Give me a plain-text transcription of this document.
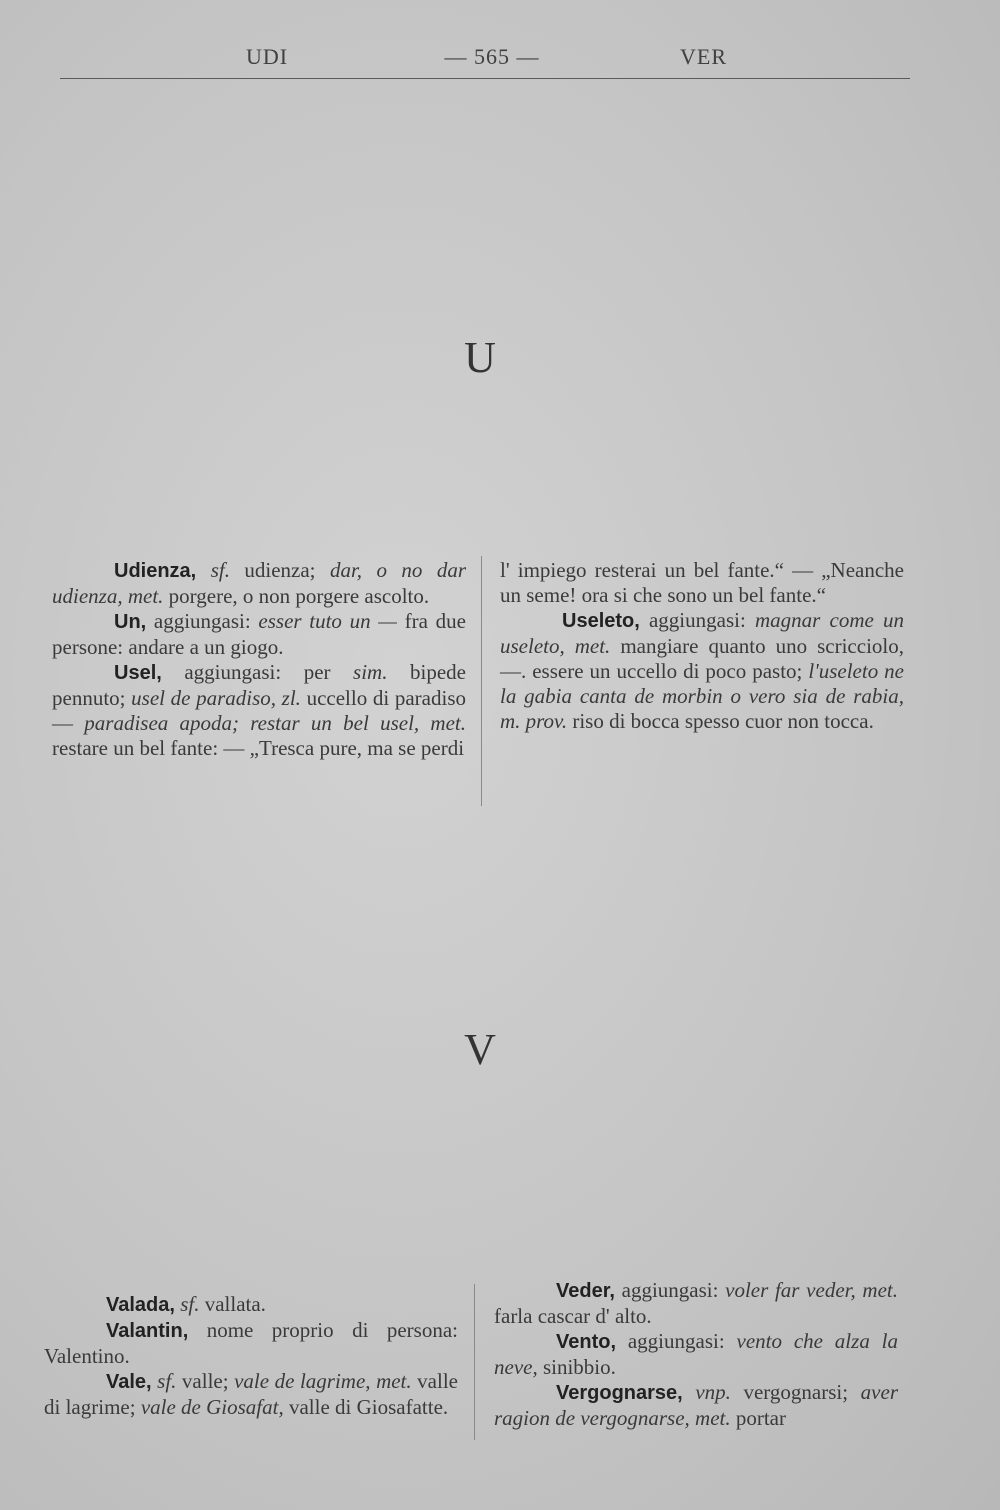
UDI	— 565 —	VER
U

Udienza, sf. udienza; dar, o no dar udienza, met. porgere, o non porgere ascolto.

Un, aggiungasi: esser tuto un — fra due persone: andare a un giogo.

Usel, aggiungasi: per sim. bipede pennuto; usel de paradiso, zl. uccello di paradiso — paradisea apoda; restar un bel usel, met. restare un bel fante: — „Tresca pure, ma se perdi

l' impiego resterai un bel fante.“ — „Neanche un seme! ora si che sono un bel fante.“

Useleto, aggiungasi: magnar come un useleto, met. mangiare quanto uno scricciolo, —. essere un uccello di poco pasto; l'useleto ne la gabia canta de morbin o vero sia de rabia, m. prov. riso di bocca spesso cuor non tocca.

V

Valada, sf. vallata.

Valantin, nome proprio di persona: Valentino.

Vale, sf. valle; vale de lagrime, met. valle di lagrime; vale de Giosafat, valle di Giosafatte.

Veder, aggiungasi: voler far veder, met. farla cascar d' alto.

Vento, aggiungasi: vento che alza la neve, sinibbio.

Vergognarse, vnp. vergognarsi; aver ragion de vergognarse, met. portar
